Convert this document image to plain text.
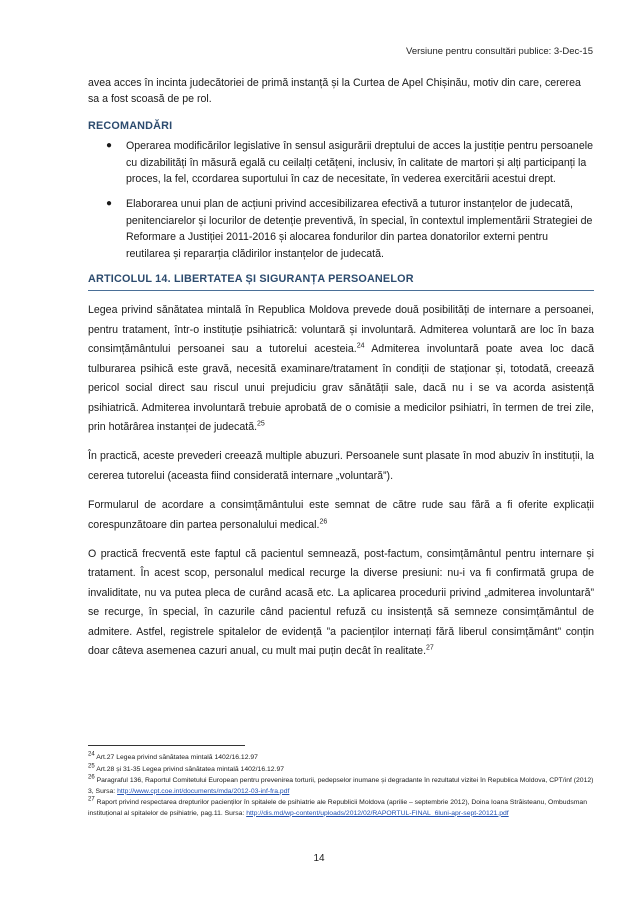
Versiune pentru consultări publice: 3-Dec-15

avea acces în incinta judecătoriei de primă instanță și la Curtea de Apel Chișinău, motiv din care, cererea sa a fost scoasă de pe rol.

RECOMANDĂRI
● Operarea modificărilor legislative în sensul asigurării dreptului de acces la justiție pentru persoanele cu dizabilități în măsură egală cu ceilalți cetățeni, inclusiv, în calitate de martori și alți participanți la proces, la fel, ccordarea suportului în caz de necesitate, în vederea exercitării acestui drept.
● Elaborarea unui plan de acțiuni privind accesibilizarea efectivă a tuturor instanțelor de judecată, penitenciarelor și locurilor de detenție preventivă, în special, în contextul implementării Strategiei de Reformare a Justiției 2011-2016 și alocarea fondurilor din partea donatorilor externi pentru reutilarea și repararția clădirilor instanțelor de judecată.
ARTICOLUL 14. LIBERTATEA ȘI SIGURANȚA PERSOANELOR

Legea privind sănătatea mintală în Republica Moldova prevede două posibilități de internare a persoanei, pentru tratament, într-o instituție psihiatrică: voluntară și involuntară. Admiterea voluntară are loc în baza consimțământului persoanei sau a tutorelui acesteia.$^{24}$ Admiterea involuntară poate avea loc dacă tulburarea psihică este gravă, necesită examinare/tratament în condiții de staționar și, totodată, creează pericol social direct sau riscul unui prejudiciu grav sănătății sale, dacă nu i se va acorda asistență psihiatrică. Admiterea involuntară trebuie aprobată de o comisie a medicilor psihiatri, în termen de trei zile, prin hotărârea instanței de judecată.$^{25}$

În practică, aceste prevederi creează multiple abuzuri. Persoanele sunt plasate în mod abuziv în instituții, la cererea tutorelui (aceasta fiind considerată internare „voluntară”).

Formularul de acordare a consimțământului este semnat de către rude sau fără a fi oferite explicații corespunzătoare din partea personalului medical.$^{26}$

O practică frecventă este faptul că pacientul semnează, post-factum, consimțământul pentru internare și tratament. În acest scop, personalul medical recurge la diverse presiuni: nu-i va fi confirmată grupa de invaliditate, nu va putea pleca de curând acasă etc. La aplicarea procedurii privind „admiterea involuntară” se recurge, în special, în cazurile când pacientul refuză cu insistență să semneze consimțământul de admitere. Astfel, registrele spitalelor de evidență ”a pacienților internați fără liberul consimțământ” conțin doar câteva asemenea cazuri anual, cu mult mai puțin decât în realitate.$^{27}$

24 Art.27 Legea privind sănătatea mintală 1402/16.12.97
25 Art.28 și 31-35 Legea privind sănătatea mintală 1402/16.12.97
26 Paragraful 136, Raportul Comitetului European pentru prevenirea torturii, pedepselor inumane și degradante în rezultatul vizitei în Republica Moldova, CPT/inf (2012) 3, Sursa: http://www.cpt.coe.int/documents/mda/2012-03-inf-fra.pdf
27 Raport privind respectarea drepturilor pacienților în spitalele de psihiatrie ale Republicii Moldova (aprilie – septembrie 2012), Doina Ioana Străisteanu, Ombudsman instituțional al spitalelor de psihiatrie, pag.11. Sursa: http://dis.md/wp-content/uploads/2012/02/RAPORTUL-FINAL_6luni-apr-sept-20121.pdf
14
